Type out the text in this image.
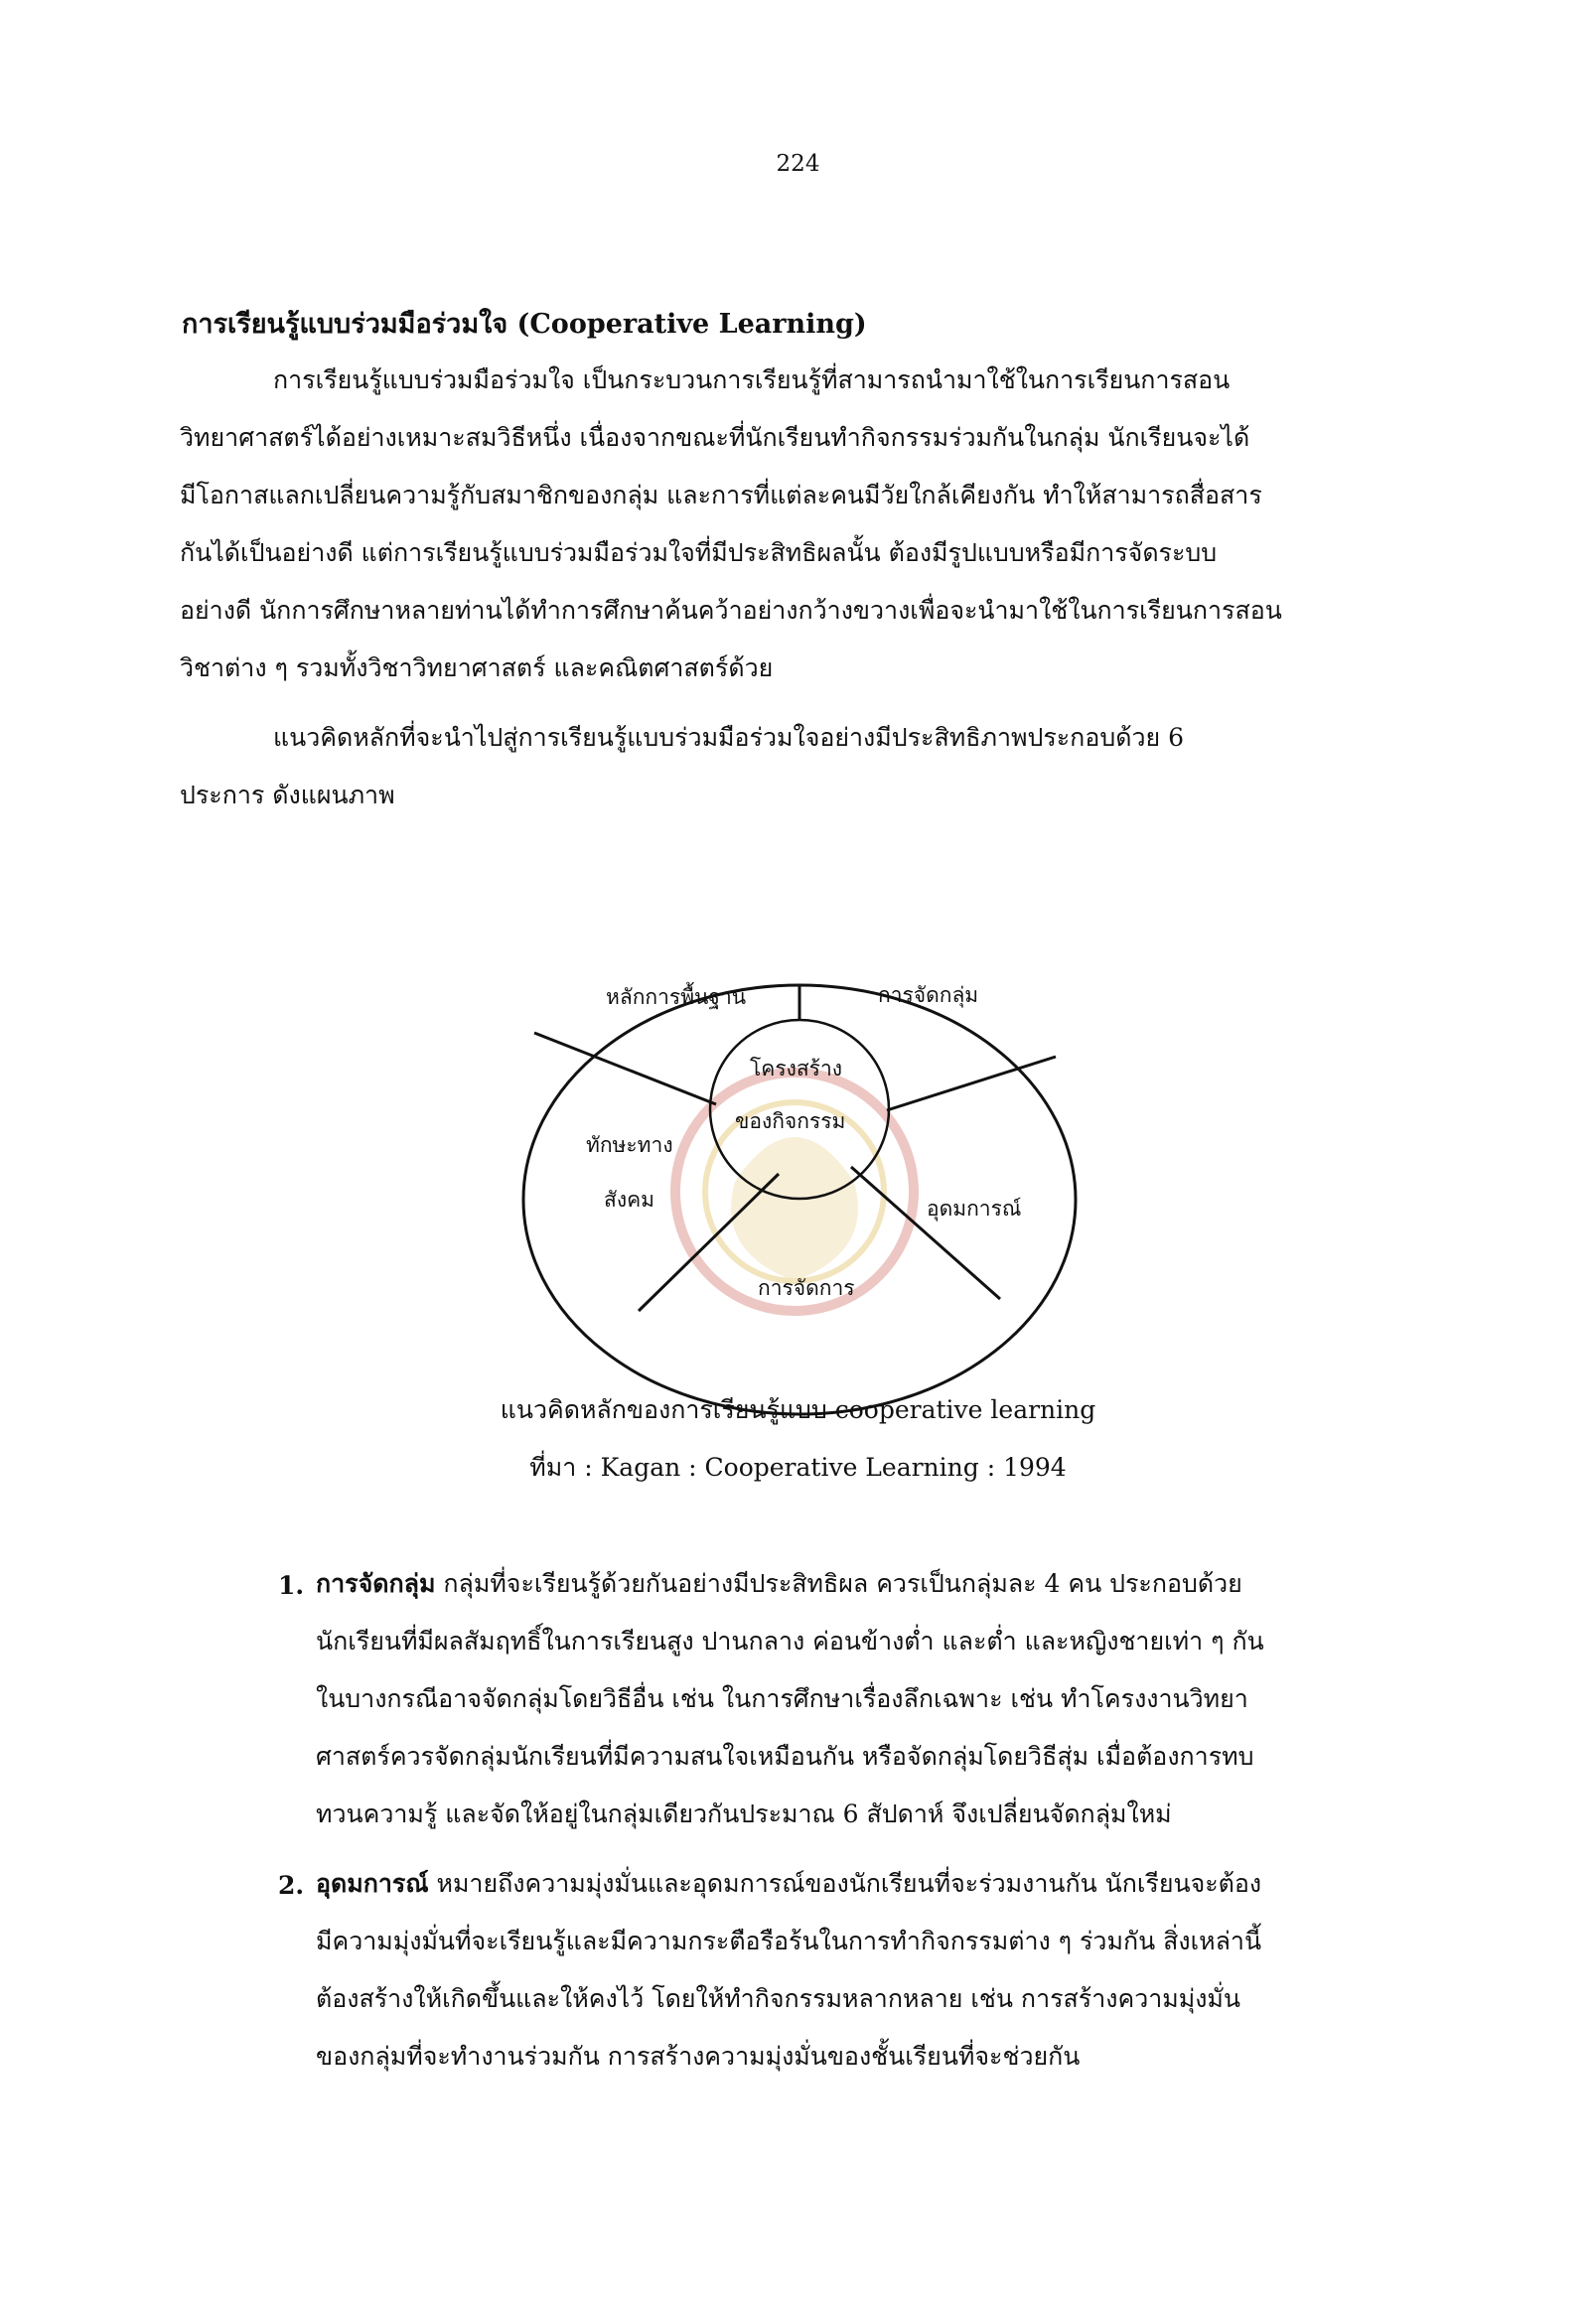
224
การเรียนรู้แบบร่วมมือร่วมใจ (Cooperative Learning)
การเรียนรู้แบบร่วมมือร่วมใจ เป็นกระบวนการเรียนรู้ที่สามารถนำมาใช้ในการเรียนการสอน
วิทยาศาสตร์ได้อย่างเหมาะสมวิธีหนึ่ง เนื่องจากขณะที่นักเรียนทำกิจกรรมร่วมกันในกลุ่ม นักเรียนจะได้
มีโอกาสแลกเปลี่ยนความรู้กับสมาชิกของกลุ่ม และการที่แต่ละคนมีวัยใกล้เคียงกัน ทำให้สามารถสื่อสาร
กันได้เป็นอย่างดี แต่การเรียนรู้แบบร่วมมือร่วมใจที่มีประสิทธิผลนั้น ต้องมีรูปแบบหรือมีการจัดระบบ
อย่างดี นักการศึกษาหลายท่านได้ทำการศึกษาค้นคว้าอย่างกว้างขวางเพื่อจะนำมาใช้ในการเรียนการสอน
วิชาต่าง ๆ รวมทั้งวิชาวิทยาศาสตร์ และคณิตศาสตร์ด้วย
แนวคิดหลักที่จะนำไปสู่การเรียนรู้แบบร่วมมือร่วมใจอย่างมีประสิทธิภาพประกอบด้วย 6
ประการ ดังแผนภาพ
หลักการพื้นฐาน	การจัดกลุ่ม
ทักษะทาง
สังคม	อุดมการณ์
การจัดการ
โครงสร้าง
ของกิจกรรม
แนวคิดหลักของการเรียนรู้แบบ cooperative learning
ที่มา : Kagan : Cooperative Learning : 1994
1. การจัดกลุ่ม กลุ่มที่จะเรียนรู้ด้วยกันอย่างมีประสิทธิผล ควรเป็นกลุ่มละ 4 คน ประกอบด้วย
นักเรียนที่มีผลสัมฤทธิ์ในการเรียนสูง ปานกลาง ค่อนข้างต่ำ และต่ำ และหญิงชายเท่า ๆ กัน
ในบางกรณีอาจจัดกลุ่มโดยวิธีอื่น เช่น ในการศึกษาเรื่องลึกเฉพาะ เช่น ทำโครงงานวิทยา
ศาสตร์ควรจัดกลุ่มนักเรียนที่มีความสนใจเหมือนกัน หรือจัดกลุ่มโดยวิธีสุ่ม เมื่อต้องการทบ
ทวนความรู้ และจัดให้อยู่ในกลุ่มเดียวกันประมาณ 6 สัปดาห์ จึงเปลี่ยนจัดกลุ่มใหม่
2. อุดมการณ์ หมายถึงความมุ่งมั่นและอุดมการณ์ของนักเรียนที่จะร่วมงานกัน นักเรียนจะต้อง
มีความมุ่งมั่นที่จะเรียนรู้และมีความกระตือรือร้นในการทำกิจกรรมต่าง ๆ ร่วมกัน สิ่งเหล่านี้
ต้องสร้างให้เกิดขึ้นและให้คงไว้ โดยให้ทำกิจกรรมหลากหลาย เช่น การสร้างความมุ่งมั่น
ของกลุ่มที่จะทำงานร่วมกัน การสร้างความมุ่งมั่นของชั้นเรียนที่จะช่วยกัน
